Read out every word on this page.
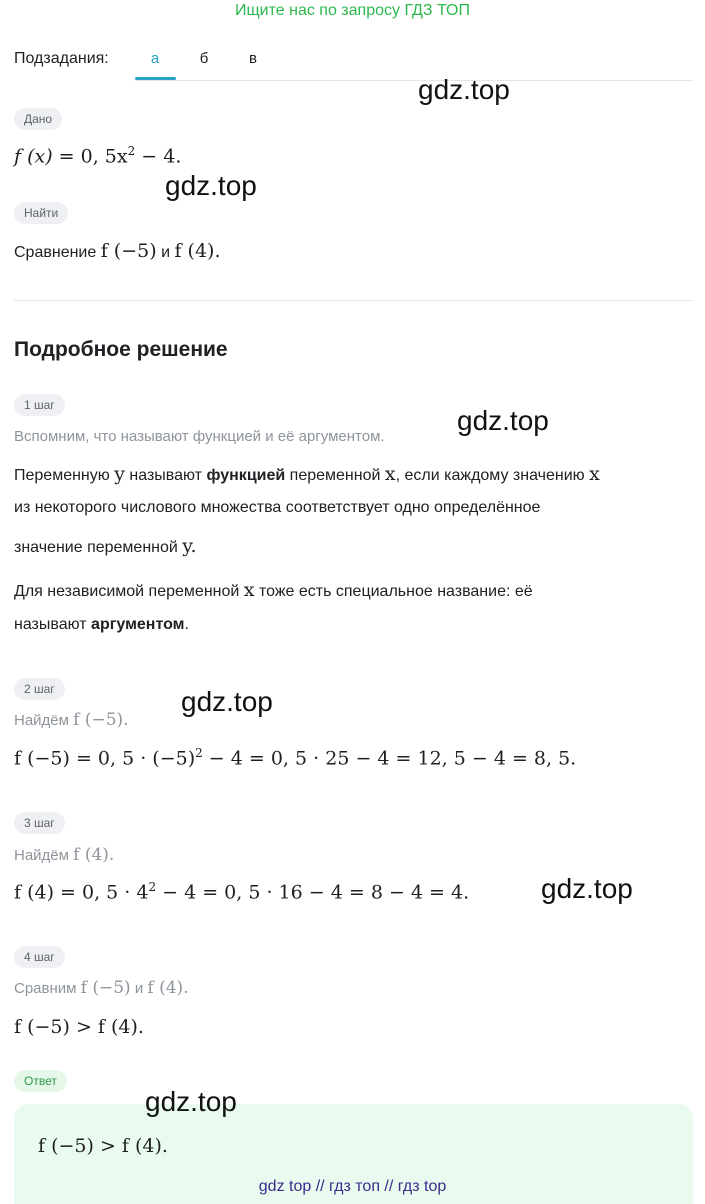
Ищите нас по запросу ГДЗ ТОП
Подзадания:	а	б	в
Дано
f (x) = 0, $5x^2 - 4$.
Найти
Сравнение f (−5) и f (4).
Подробное решение
1 шаг
Вспомним, что называют функцией и её аргументом.
Переменную y называют функцией переменной x, если каждому значению x
из некоторого числового множества соответствует одно определённое
значение переменной y.
Для независимой переменной x тоже есть специальное название: её
называют аргументом.
2 шаг
Найдём f (−5).
f (−5) = 0, $5 \cdot (-5)^2 - 4 = 0$, 5 · 25 − 4 = 12, 5 − 4 = 8, 5.
3 шаг
Найдём f (4).
f (4) = 0, $5 \cdot 4^2 - 4 = 0$, 5 · 16 − 4 = 8 − 4 = 4.
4 шаг
Сравним f (−5) и f (4).
f (−5) > f (4).
Ответ
f (−5) > f (4).
gdz.top
gdz.top
gdz.top
gdz.top
gdz.top
gdz.top
gdz top // гдз топ // гдз top
